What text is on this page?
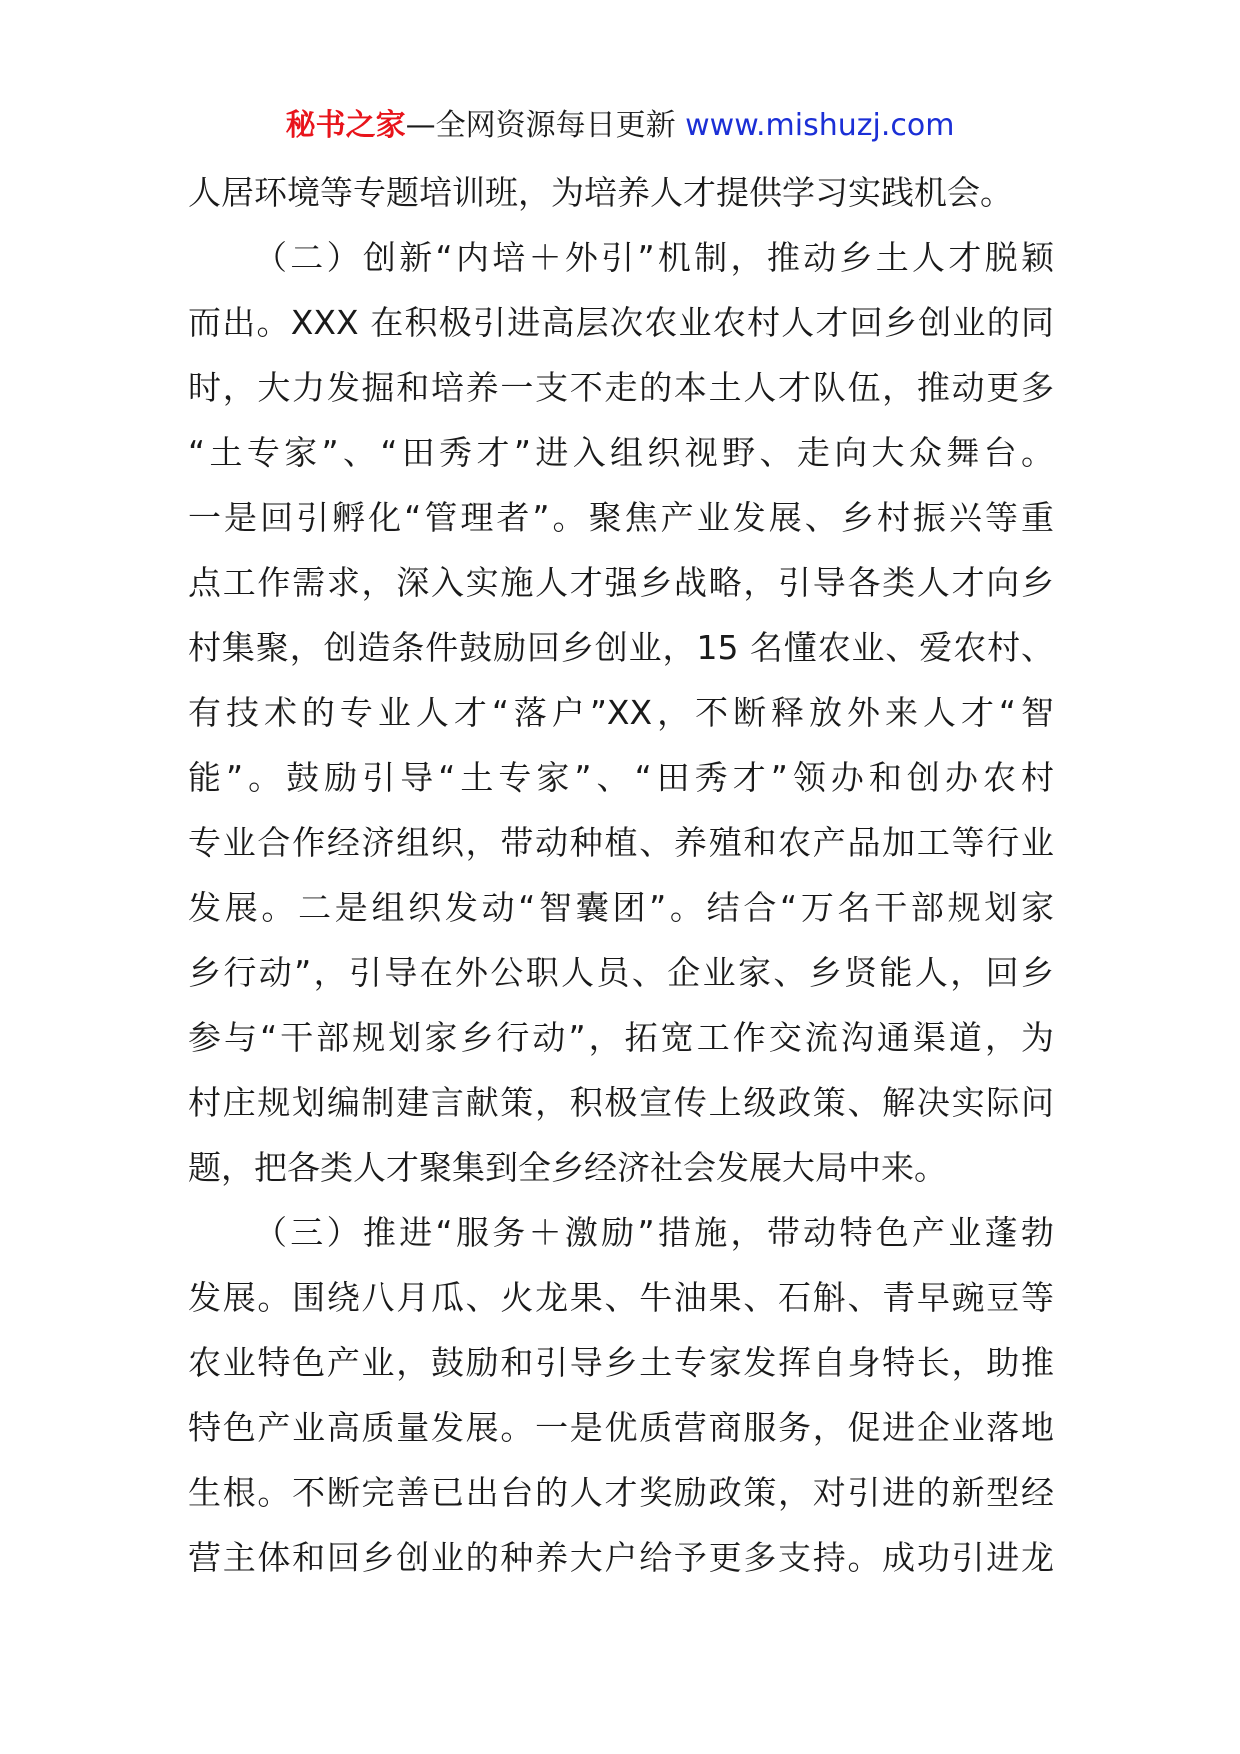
秘书之家—全网资源每日更新 www.mishuzj.com
人居环境等专题培训班，为培养人才提供学习实践机会。
（二）创新“内培＋外引”机制，推动乡土人才脱颖
而出。XXX 在积极引进高层次农业农村人才回乡创业的同
时，大力发掘和培养一支不走的本土人才队伍，推动更多
“土专家”、“田秀才”进入组织视野、走向大众舞台。
一是回引孵化“管理者”。聚焦产业发展、乡村振兴等重
点工作需求，深入实施人才强乡战略，引导各类人才向乡
村集聚，创造条件鼓励回乡创业，15 名懂农业、爱农村、
有技术的专业人才“落户”XX，不断释放外来人才“智
能”。鼓励引导“土专家”、“田秀才”领办和创办农村
专业合作经济组织，带动种植、养殖和农产品加工等行业
发展。二是组织发动“智囊团”。结合“万名干部规划家
乡行动”，引导在外公职人员、企业家、乡贤能人，回乡
参与“干部规划家乡行动”，拓宽工作交流沟通渠道，为
村庄规划编制建言献策，积极宣传上级政策、解决实际问
题，把各类人才聚集到全乡经济社会发展大局中来。
（三）推进“服务＋激励”措施，带动特色产业蓬勃
发展。围绕八月瓜、火龙果、牛油果、石斛、青早豌豆等
农业特色产业，鼓励和引导乡土专家发挥自身特长，助推
特色产业高质量发展。一是优质营商服务，促进企业落地
生根。不断完善已出台的人才奖励政策，对引进的新型经
营主体和回乡创业的种养大户给予更多支持。成功引进龙
